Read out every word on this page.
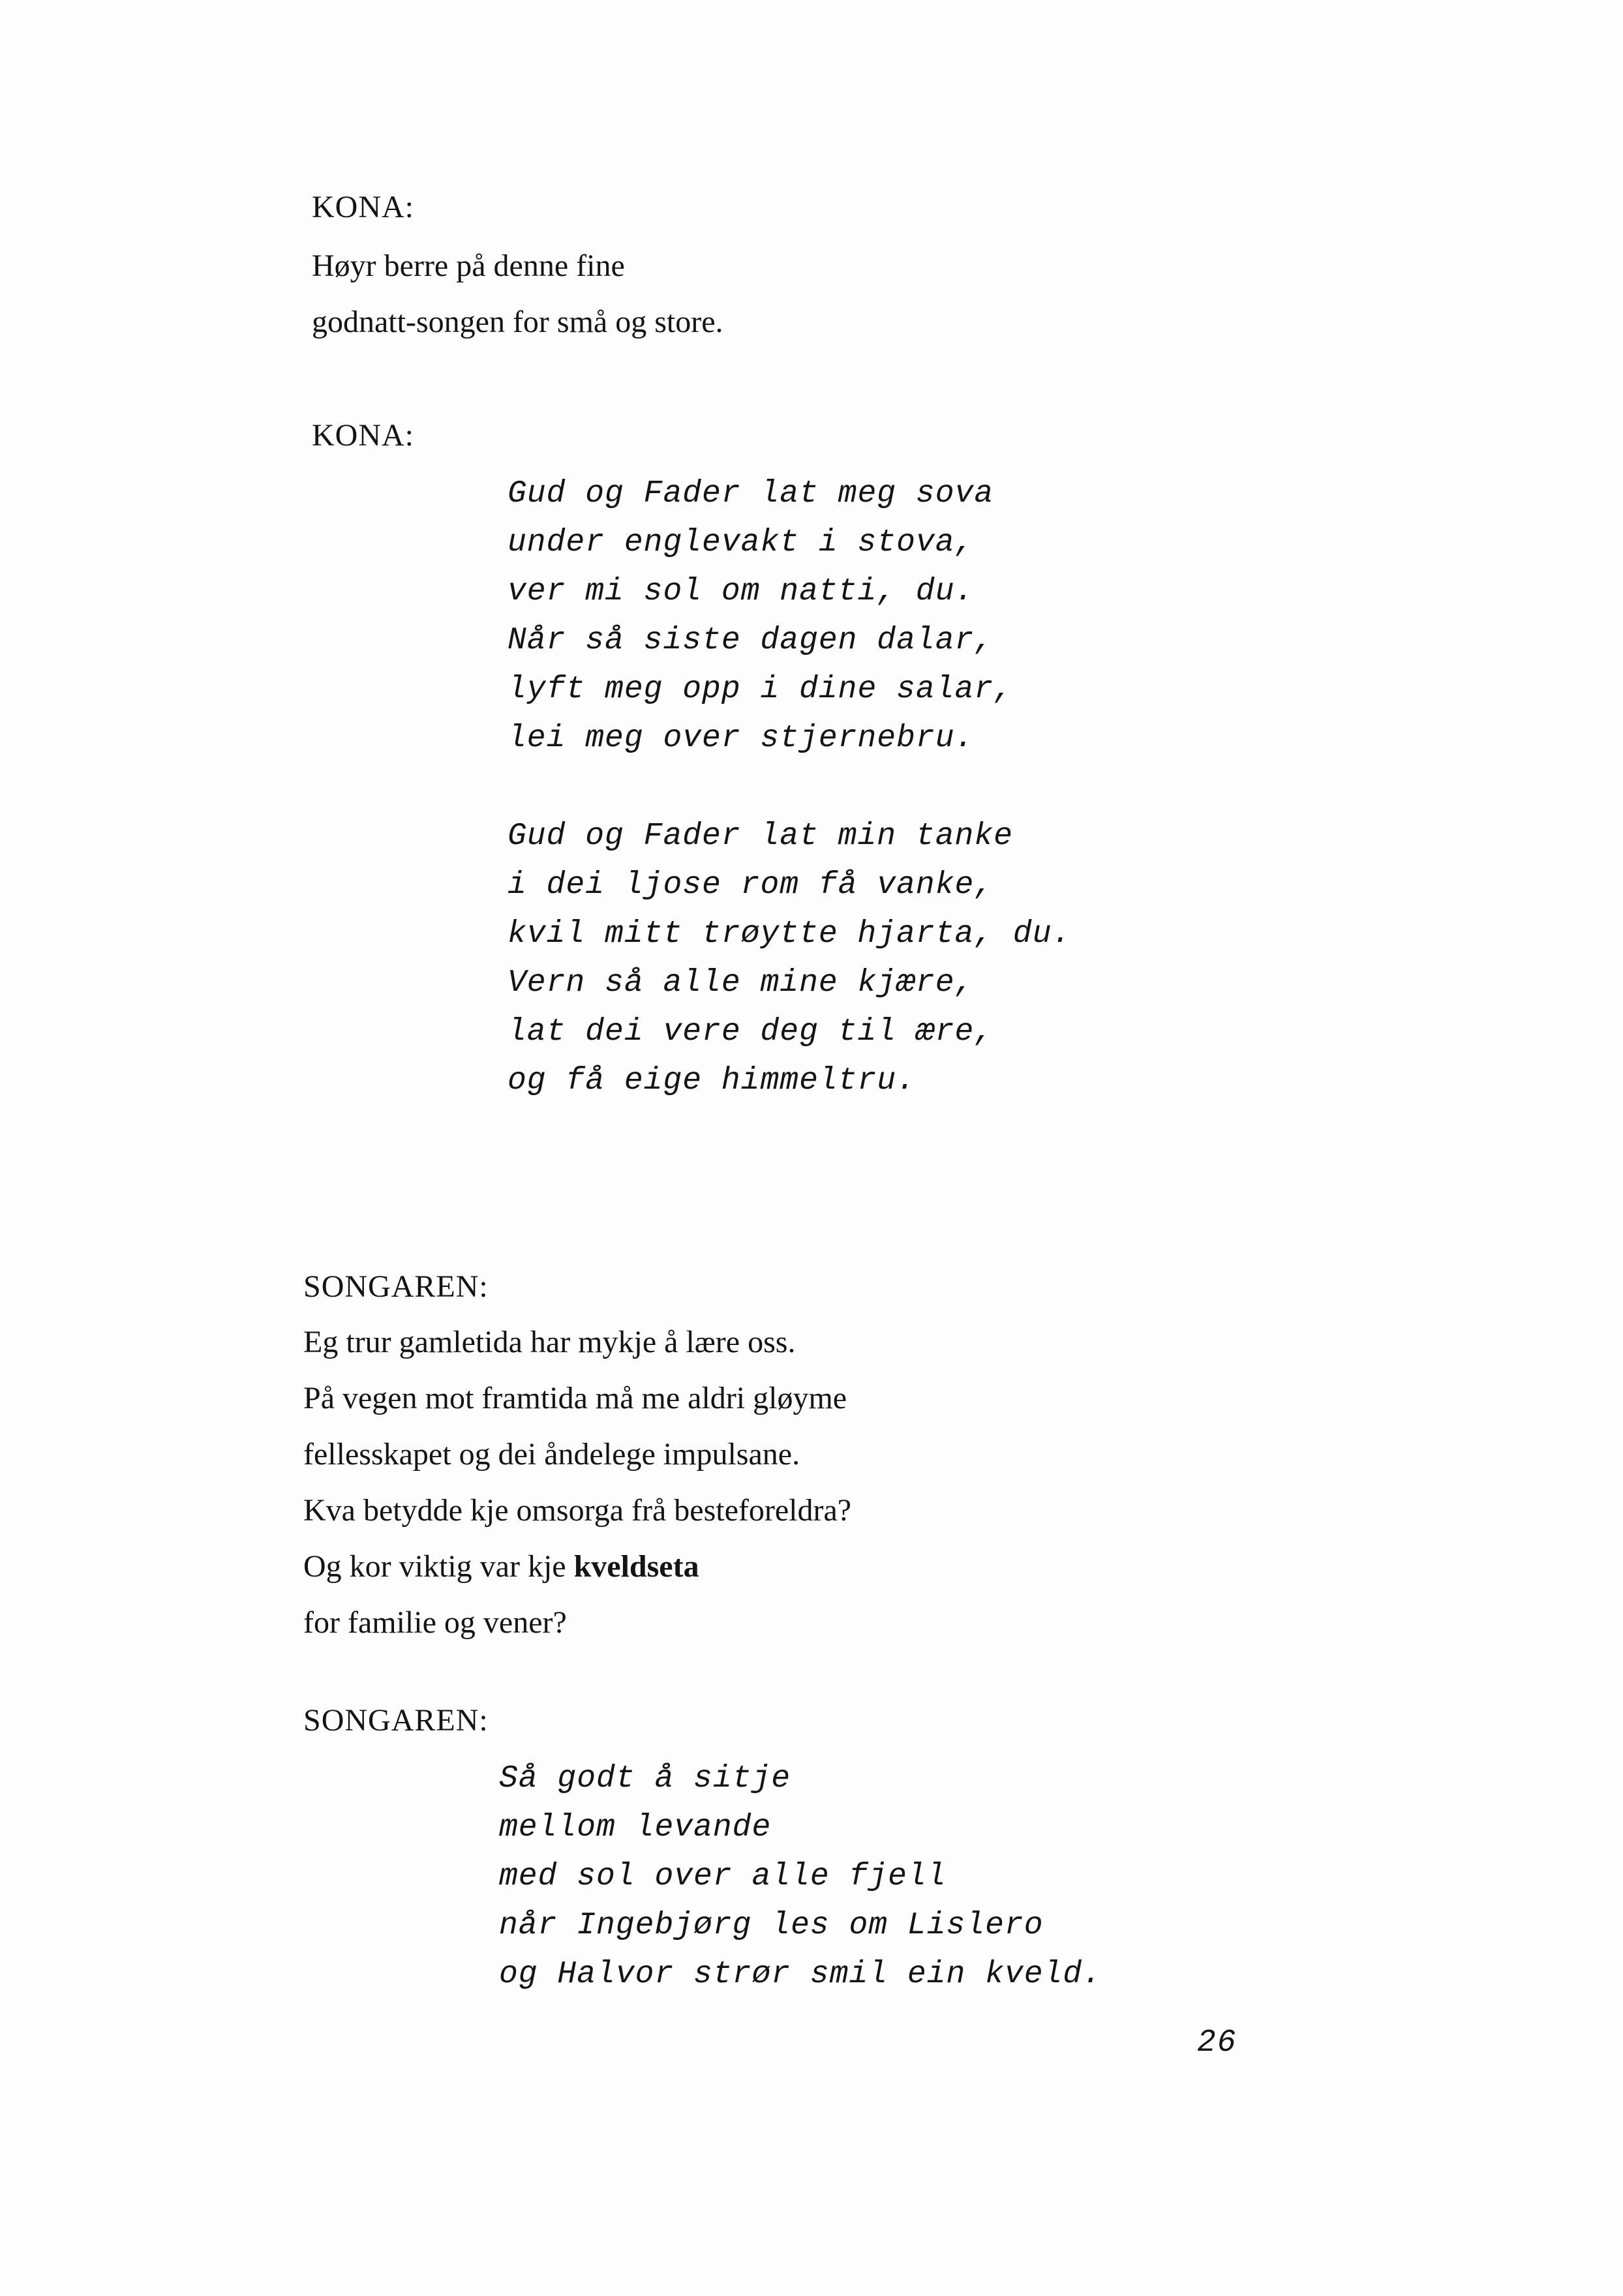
KONA:
Høyr berre på denne fine
godnatt-songen for små og store.
KONA:
Gud og Fader lat meg sova
under englevakt i stova,
ver mi sol om natti, du.
Når så siste dagen dalar,
lyft meg opp i dine salar,
lei meg over stjernebru.
Gud og Fader lat min tanke
i dei ljose rom få vanke,
kvil mitt trøytte hjarta, du.
Vern så alle mine kjære,
lat dei vere deg til ære,
og få eige himmeltru.
SONGAREN:
Eg trur gamletida har mykje å lære oss.
På vegen mot framtida må me aldri gløyme
fellesskapet og dei åndelege impulsane.
Kva betydde kje omsorga frå besteforeldra?
Og kor viktig var kje kveldseta
for familie og vener?
SONGAREN:
Så godt å sitje
mellom levande
med sol over alle fjell
når Ingebjørg les om Lislero
og Halvor strør smil ein kveld.
26
